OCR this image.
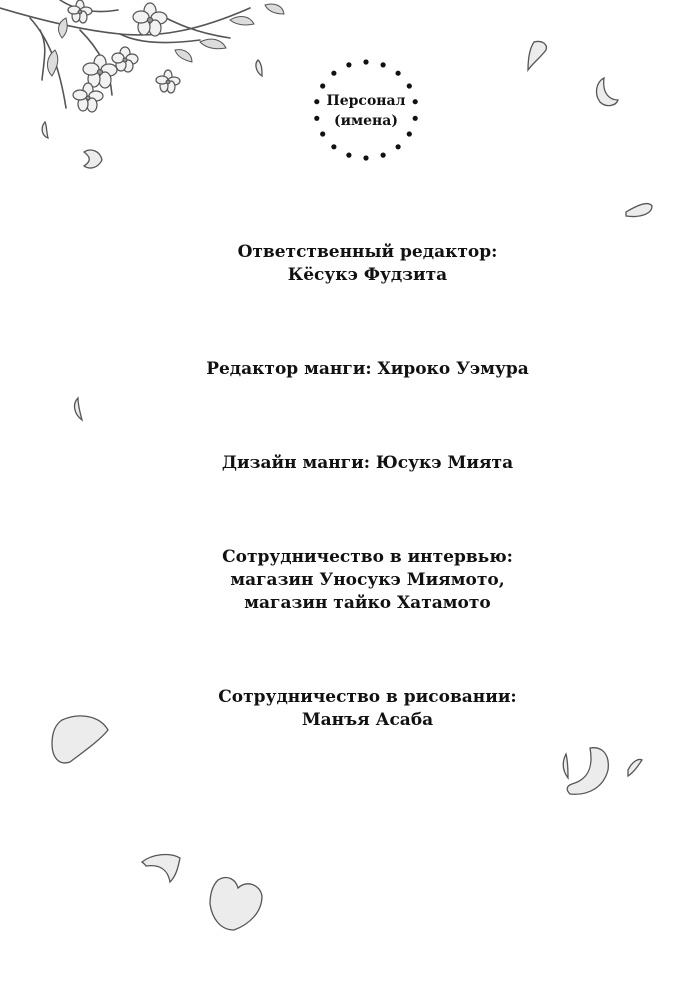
Персонал
(имена)
Ответственный редактор:
Кёсукэ Фудзита
Редактор манги: Хироко Уэмура
Дизайн манги: Юсукэ Мията
Сотрудничество в интервью:
магазин Уносукэ Миямото,
магазин тайко Хатамото
Сотрудничество в рисовании:
Манъя Асаба
